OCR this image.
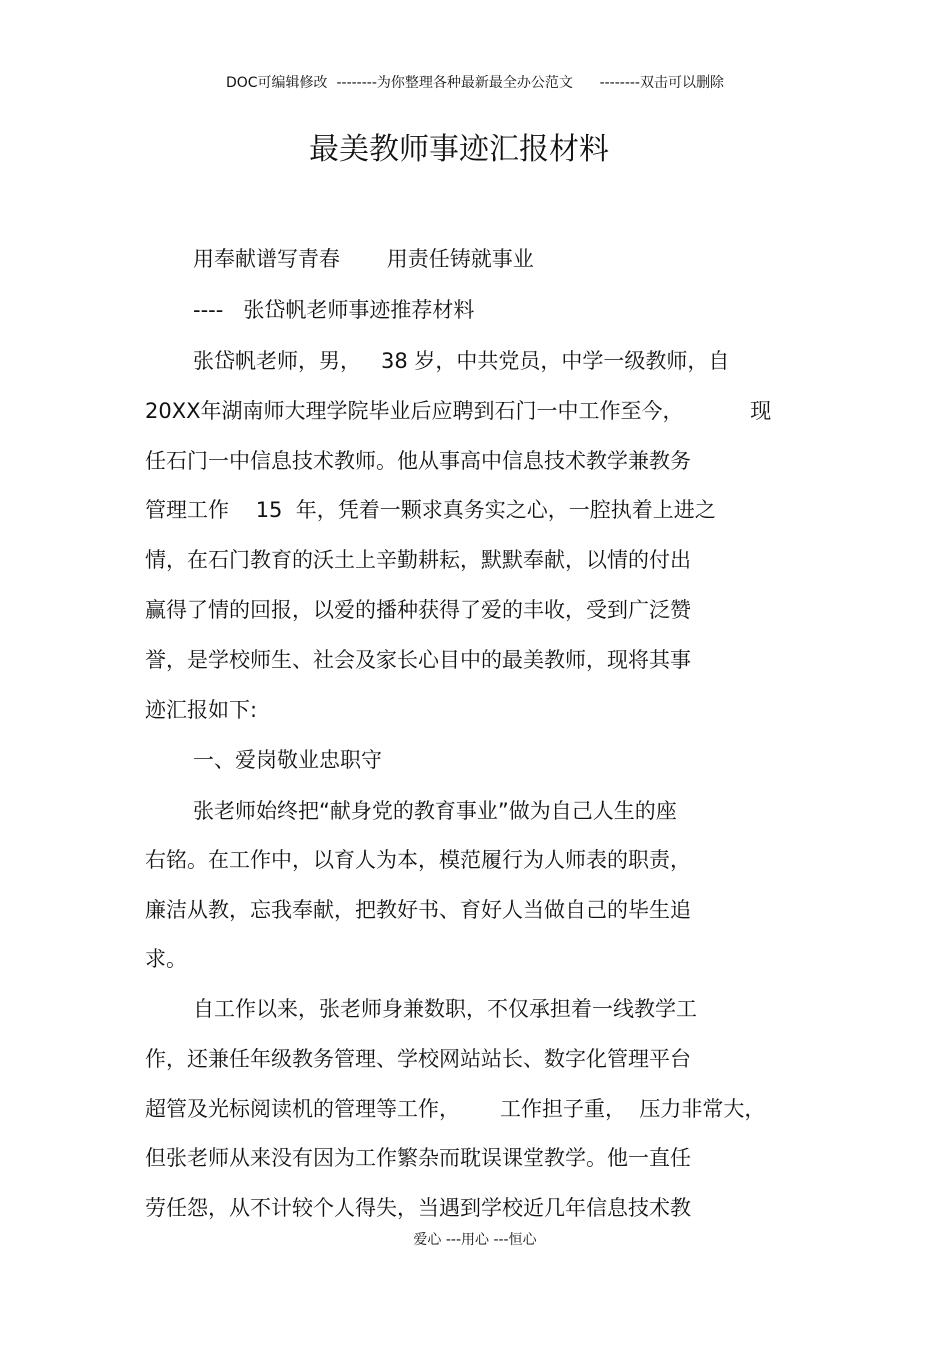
DOC可编辑修改  --------为你整理各种最新最全办公范文      --------双击可以删除
最美教师事迹汇报材料
用奉献谱写青春       用责任铸就事业
----   张岱帆老师事迹推荐材料
张岱帆老师，男，   38 岁，中共党员，中学一级教师，自
20XX年湖南师大理学院毕业后应聘到石门一中工作至今，          现
任石门一中信息技术教师。他从事高中信息技术教学兼教务
管理工作    15  年，凭着一颗求真务实之心，一腔执着上进之
情，在石门教育的沃土上辛勤耕耘，默默奉献，以情的付出
赢得了情的回报，以爱的播种获得了爱的丰收，受到广泛赞
誉，是学校师生、社会及家长心目中的最美教师，现将其事
迹汇报如下:
一、爱岗敬业忠职守
张老师始终把“献身党的教育事业”做为自己人生的座
右铭。在工作中，以育人为本，模范履行为人师表的职责，
廉洁从教，忘我奉献，把教好书、育好人当做自己的毕生追
求。
自工作以来，张老师身兼数职，不仅承担着一线教学工
作，还兼任年级教务管理、学校网站站长、数字化管理平台
超管及光标阅读机的管理等工作，      工作担子重，  压力非常大，
但张老师从来没有因为工作繁杂而耽误课堂教学。他一直任
劳任怨，从不计较个人得失，当遇到学校近几年信息技术教
爱心 ---用心 ---恒心
